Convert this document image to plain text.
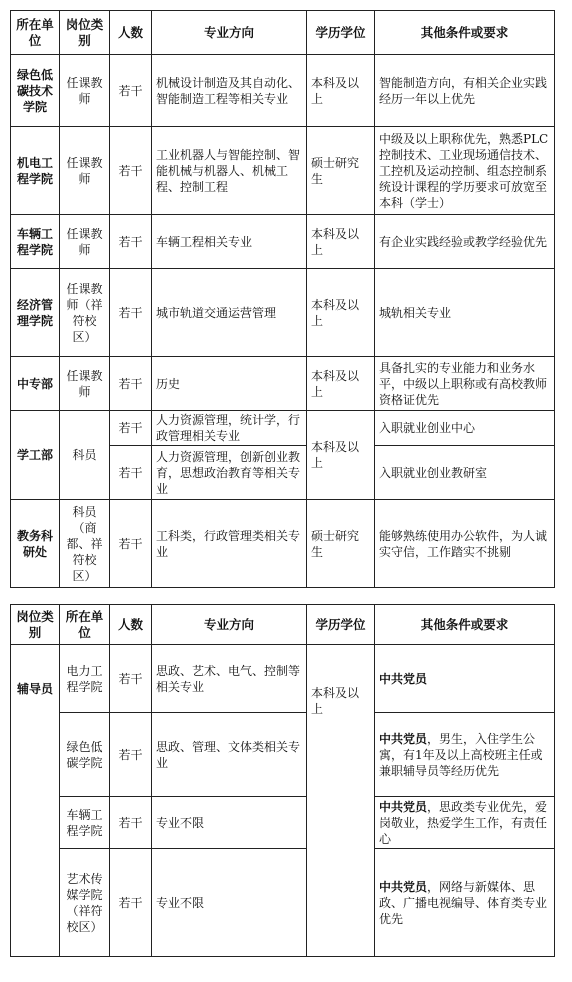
所在单位	岗位类别	人数	专业方向	学历学位	其他条件或要求
绿色低碳技术学院	任课教师	若干	机械设计制造及其自动化、智能制造工程等相关专业	本科及以上	智能制造方向，有相关企业实践经历一年以上优先
机电工程学院	任课教师	若干	工业机器人与智能控制、智能机械与机器人、机械工程、控制工程	硕士研究生	中级及以上职称优先，熟悉PLC控制技术、工业现场通信技术、工控机及运动控制、组态控制系统设计课程的学历要求可放宽至本科（学士）
车辆工程学院	任课教师	若干	车辆工程相关专业	本科及以上	有企业实践经验或教学经验优先
经济管理学院	任课教师（祥符校区）	若干	城市轨道交通运营管理	本科及以上	城轨相关专业
中专部	任课教师	若干	历史	本科及以上	具备扎实的专业能力和业务水平，中级以上职称或有高校教师资格证优先
学工部	科员	若干	人力资源管理，统计学，行政管理相关专业	本科及以上	入职就业创业中心
		若干	人力资源管理，创新创业教育，思想政治教育等相关专业		入职就业创业教研室
教务科研处	科员（商都、祥符校区）	若干	工科类，行政管理类相关专业	硕士研究生	能够熟练使用办公软件，为人诚实守信，工作踏实不挑剔
岗位类别	所在单位	人数	专业方向	学历学位	其他条件或要求
辅导员	电力工程学院	若干	思政、艺术、电气、控制等相关专业	本科及以上	中共党员
	绿色低碳学院	若干	思政、管理、文体类相关专业		中共党员，男生，入住学生公寓，有1年及以上高校班主任或兼职辅导员等经历优先
	车辆工程学院	若干	专业不限		中共党员，思政类专业优先，爱岗敬业，热爱学生工作，有责任心
	艺术传媒学院（祥符校区）	若干	专业不限		中共党员，网络与新媒体、思政、广播电视编导、体育类专业优先
